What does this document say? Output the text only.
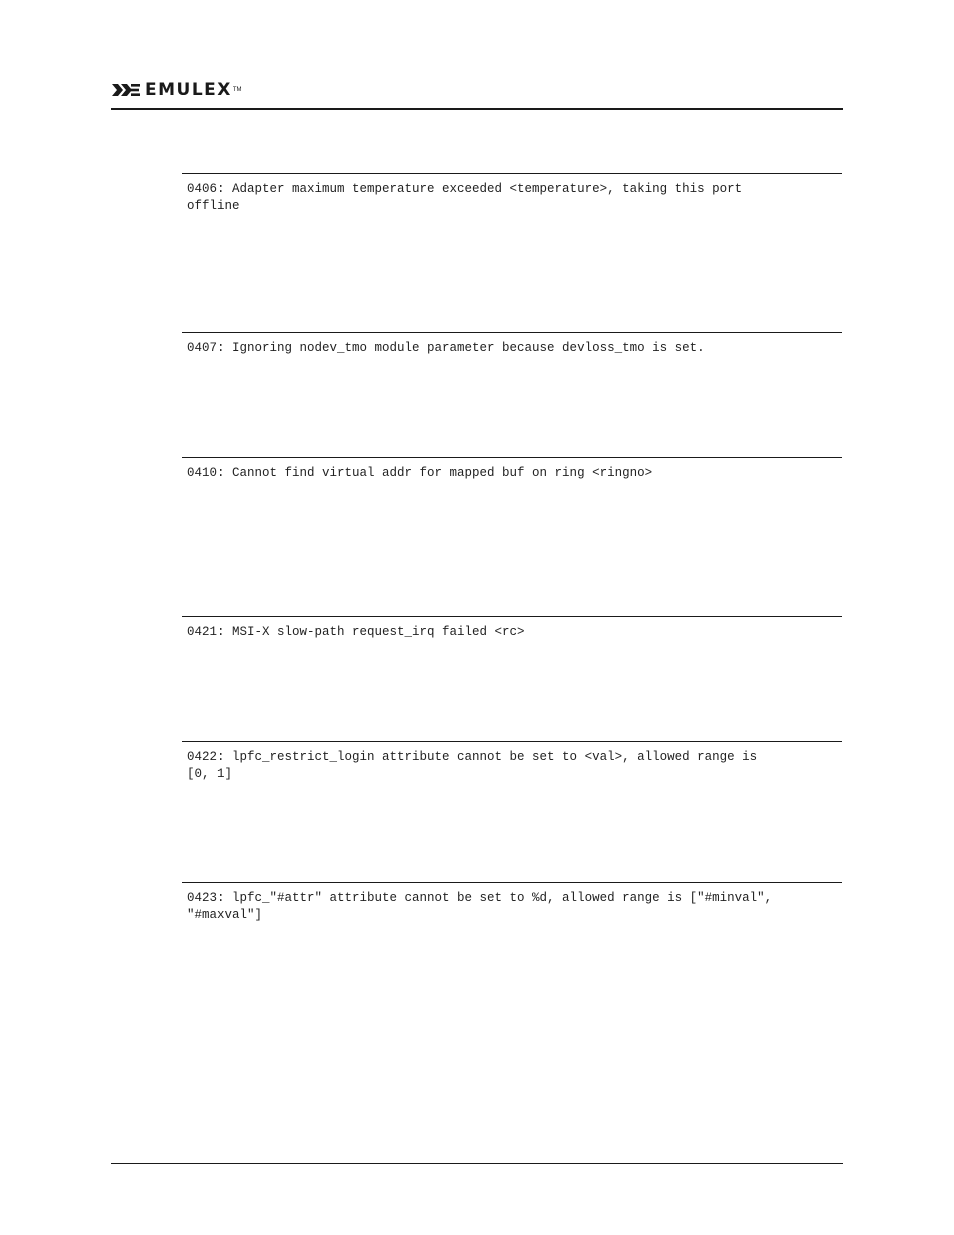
EMULEX TM
0406: Adapter maximum temperature exceeded <temperature>, taking this port
offline
0407: Ignoring nodev_tmo module parameter because devloss_tmo is set.
0410: Cannot find virtual addr for mapped buf on ring <ringno>
0421: MSI-X slow-path request_irq failed <rc>
0422: lpfc_restrict_login attribute cannot be set to <val>, allowed range is
[0, 1]
0423: lpfc_"#attr" attribute cannot be set to %d, allowed range is ["#minval",
"#maxval"]
